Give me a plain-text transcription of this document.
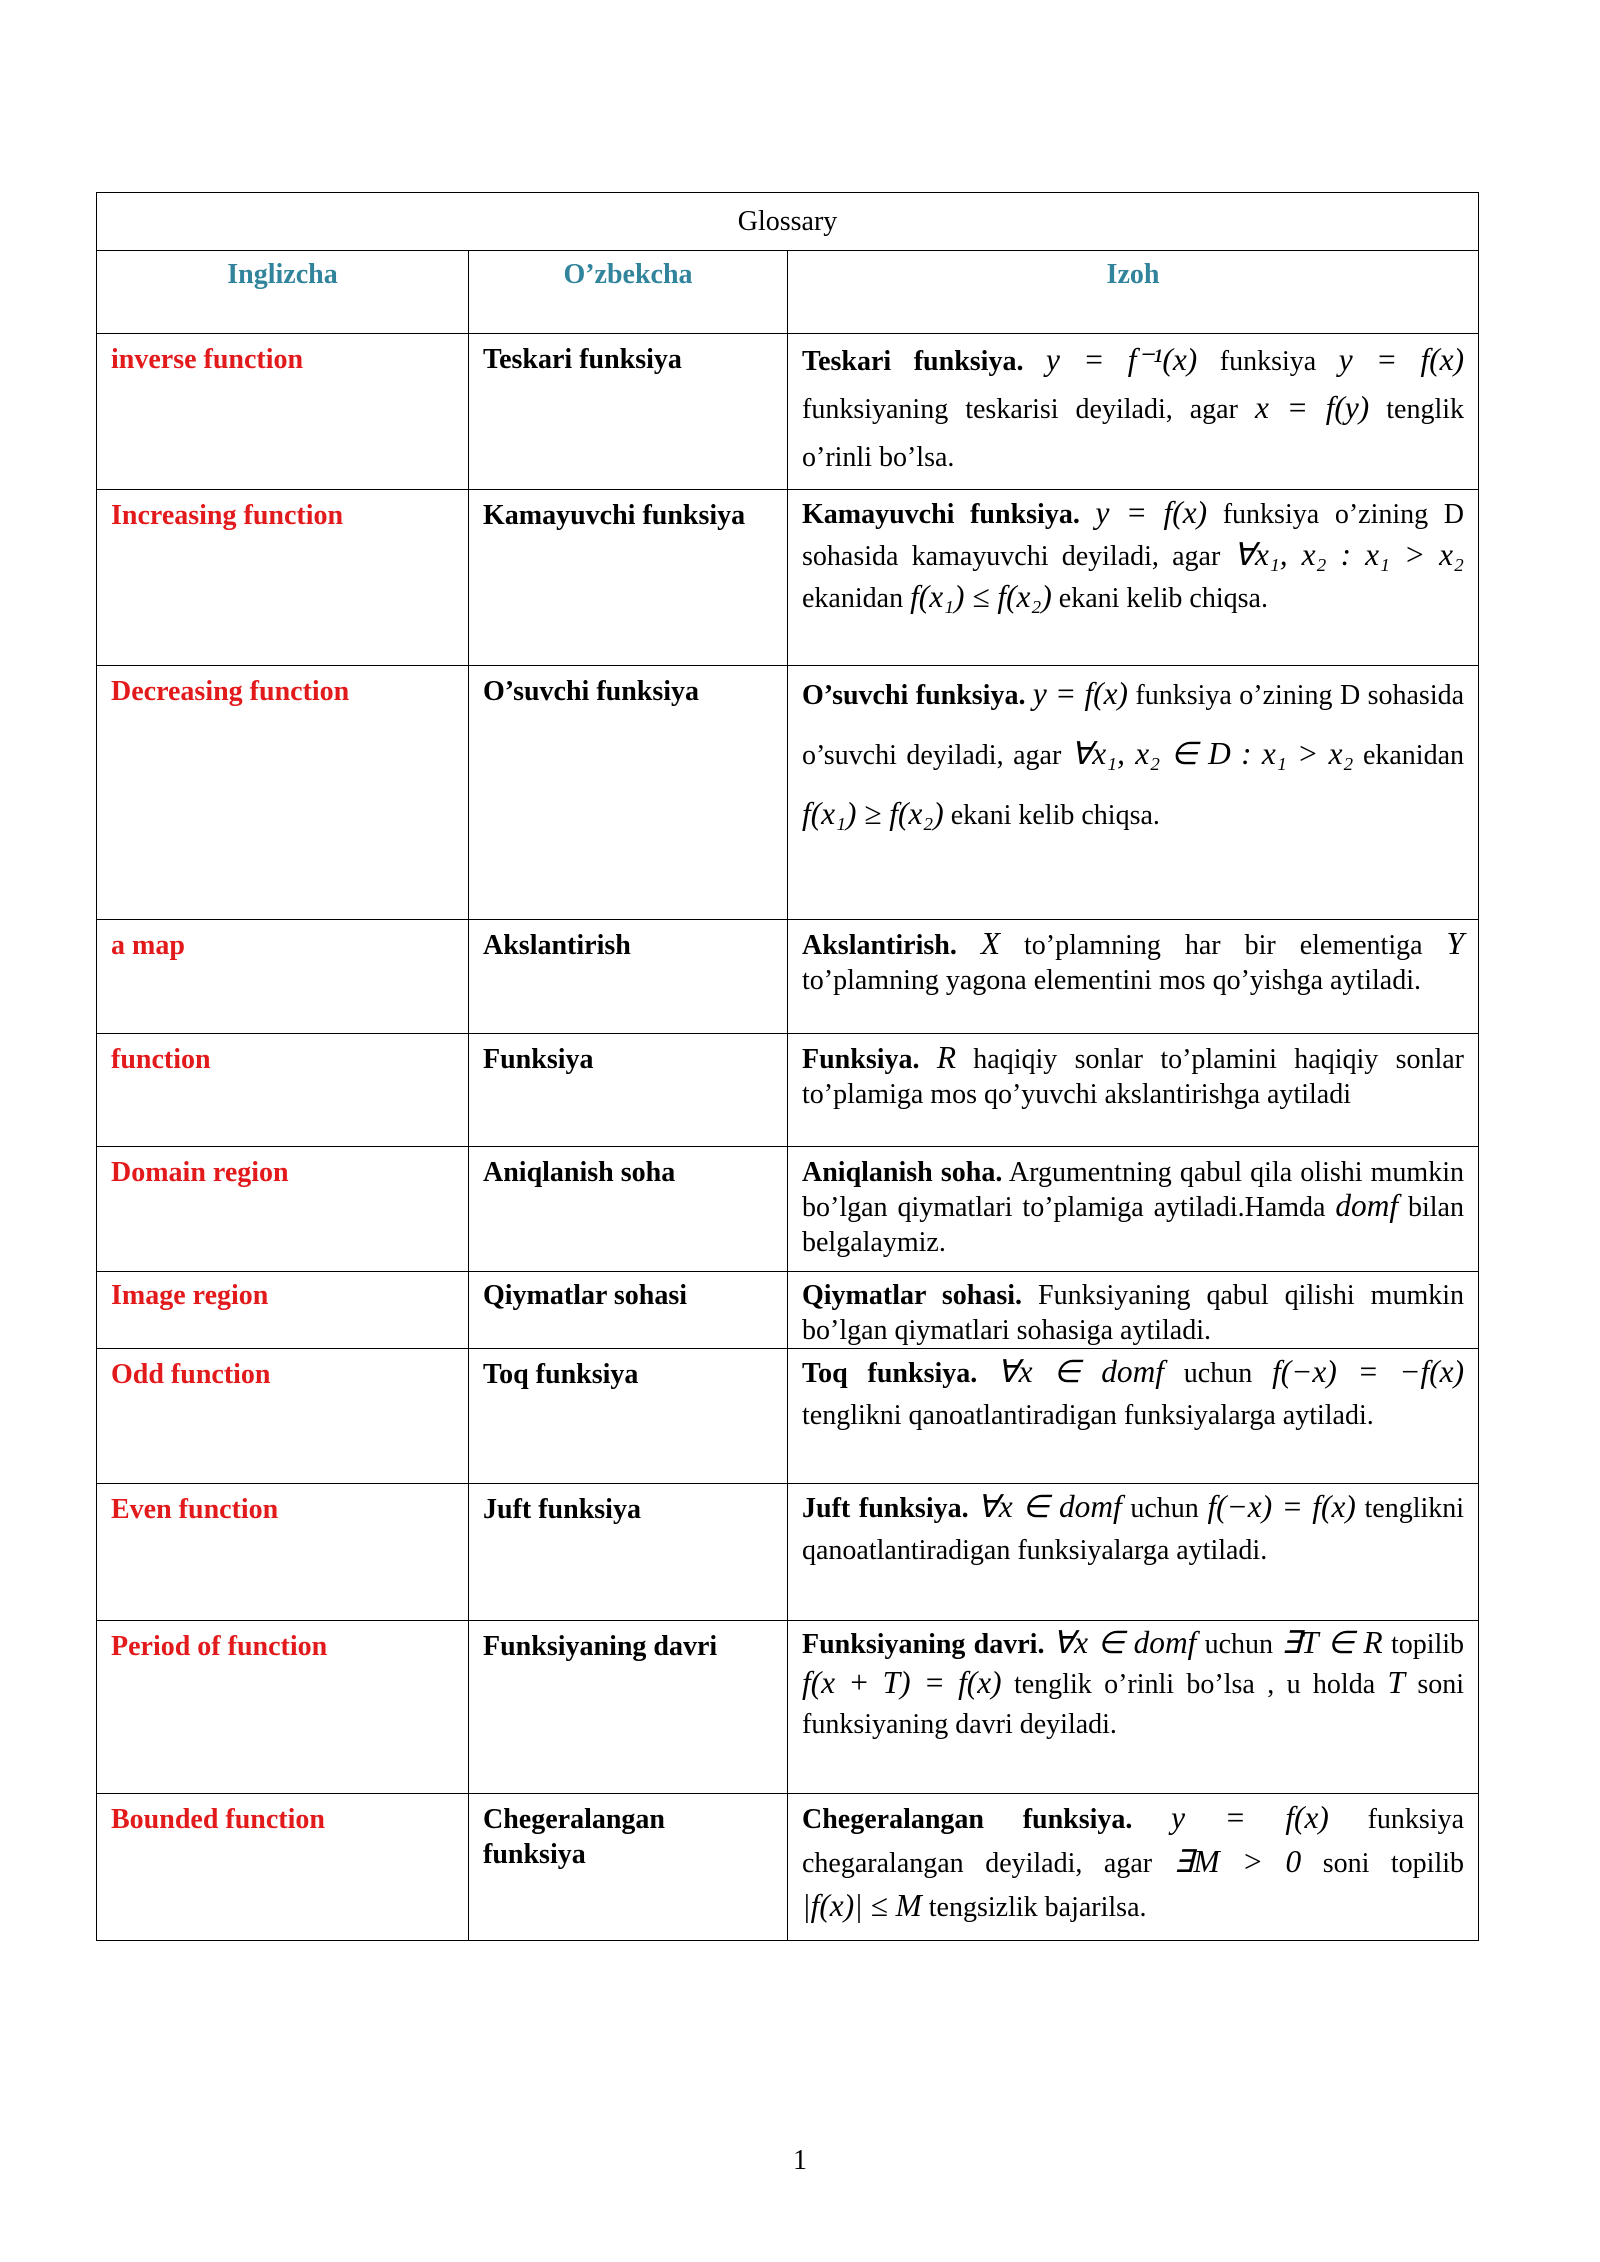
Glossary		
Inglizcha	O’zbekcha	Izoh
inverse function	Teskari funksiya	Teskari funksiya. y = f⁻¹(x) funksiya y = f(x) funksiyaning teskarisi deyiladi, agar x = f(y) tenglik o’rinli bo’lsa.
Increasing function	Kamayuvchi funksiya	Kamayuvchi funksiya. y = f(x) funksiya o’zining D sohasida kamayuvchi deyiladi, agar ∀x₁, x₂ : x₁ > x₂ ekanidan f(x₁) ≤ f(x₂) ekani kelib chiqsa.
Decreasing function	O’suvchi funksiya	O’suvchi funksiya. y = f(x) funksiya o’zining D sohasida o’suvchi deyiladi, agar ∀x₁, x₂ ∈ D : x₁ > x₂ ekanidan f(x₁) ≥ f(x₂) ekani kelib chiqsa.
a map	Akslantirish	Akslantirish. X to’plamning har bir elementiga Y to’plamning yagona elementini mos qo’yishga aytiladi.
function	Funksiya	Funksiya. R haqiqiy sonlar to’plamini haqiqiy sonlar to’plamiga mos qo’yuvchi akslantirishga aytiladi
Domain region	Aniqlanish soha	Aniqlanish soha. Argumentning qabul qila olishi mumkin bo’lgan qiymatlari to’plamiga aytiladi.Hamda domf bilan belgalaymiz.
Image region	Qiymatlar sohasi	Qiymatlar sohasi. Funksiyaning qabul qilishi mumkin bo’lgan qiymatlari sohasiga aytiladi.
Odd function	Toq funksiya	Toq funksiya. ∀x ∈ domf uchun f(−x) = −f(x) tenglikni qanoatlantiradigan funksiyalarga aytiladi.
Even function	Juft funksiya	Juft funksiya. ∀x ∈ domf uchun f(−x) = f(x) tenglikni qanoatlantiradigan funksiyalarga aytiladi.
Period of function	Funksiyaning davri	Funksiyaning davri. ∀x ∈ domf uchun ∃T ∈ R topilib f(x + T) = f(x) tenglik o’rinli bo’lsa , u holda T soni funksiyaning davri deyiladi.
Bounded function	Chegeralangan funksiya	Chegeralangan funksiya. y = f(x) funksiya chegaralangan deyiladi, agar ∃M > 0 soni topilib |f(x)| ≤ M tengsizlik bajarilsa.
1
